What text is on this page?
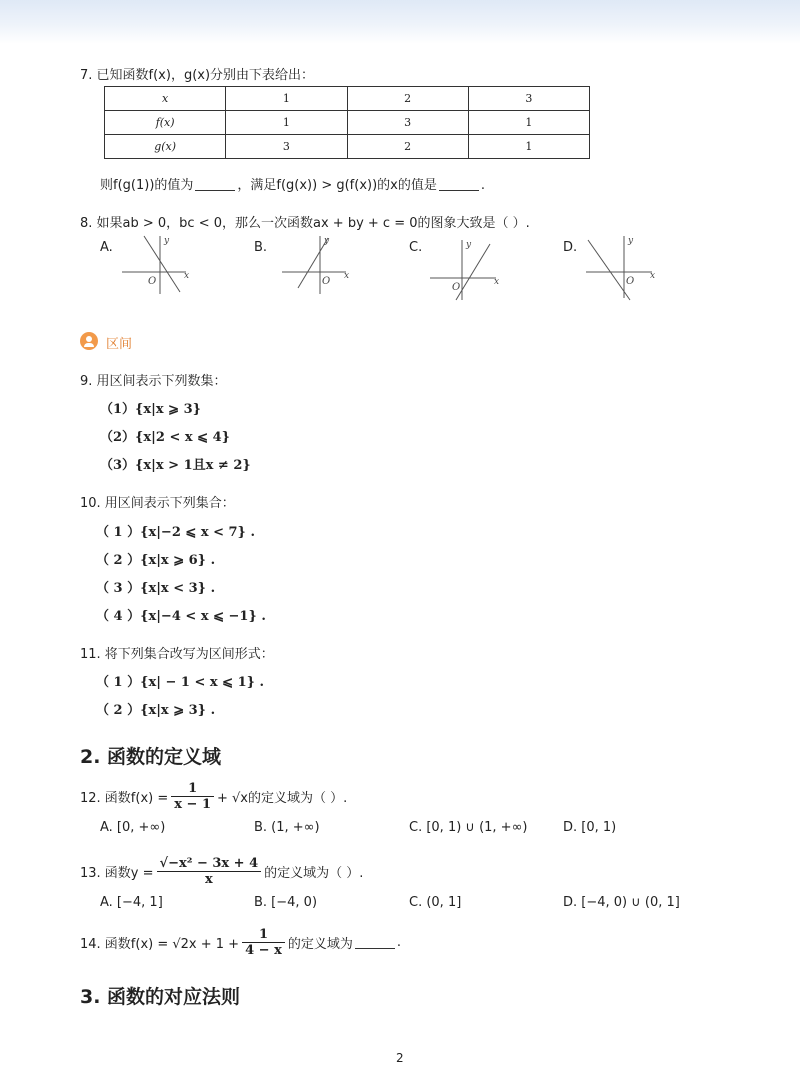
7. 已知函数f(x)，g(x)分别由下表给出：
x	1	2	3
f(x)	1	3	1
g(x)	3	2	1
则f(g(1))的值为	，满足f(g(x)) > g(f(x))的x的值是	.
8. 如果ab > 0，bc < 0，那么一次函数ax + by + c = 0的图象大致是（ ）.
A.	B.	C.	D.
O	x
y
O x
y
O	x
y
O x
y
区间
9. 用区间表示下列数集：
（1）{x|x ⩾ 3}
（2）{x|2 < x ⩽ 4}
（3）{x|x > 1且x ≠ 2}
10. 用区间表示下列集合：
（ 1 ）{x|−2 ⩽ x < 7} .
（ 2 ）{x|x ⩾ 6} .
（ 3 ）{x|x < 3} .
（ 4 ）{x|−4 < x ⩽ −1} .
11. 将下列集合改写为区间形式：
（ 1 ）{x| − 1 < x ⩽ 1} .
（ 2 ）{x|x ⩾ 3} .
2. 函数的定义域
12. 函数$f(x) = \frac{1}{x - 1} + √x$的定义域为（ ）.
A. [0, +∞)	B. (1, +∞)	C. [0, 1) ∪ (1, +∞)	D. [0, 1)
13. 函数$y = \frac{\text{√−x² − 3x + 4}}{x}$ 的定义域为（ ）.
A. [−4, 1]	B. [−4, 0)	C. (0, 1]	D. [−4, 0) ∪ (0, 1]
14. 函数$f(x) = √2x + 1 + \frac{1}{4 - x}$ 的定义域为	.
3. 函数的对应法则
2
